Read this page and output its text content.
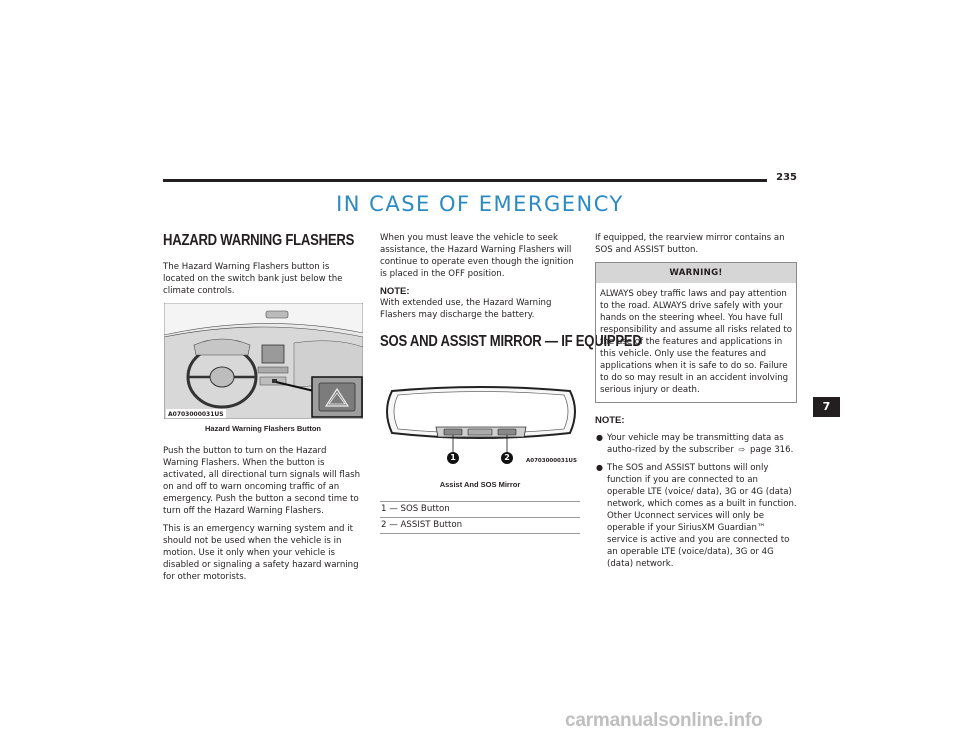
235
IN CASE OF EMERGENCY
HAZARD WARNING FLASHERS

The Hazard Warning Flashers button is located on the switch bank just below the climate controls.

A0703000031US
Hazard Warning Flashers Button

Push the button to turn on the Hazard Warning Flashers. When the button is activated, all directional turn signals will flash on and off to warn oncoming traffic of an emergency. Push the button a second time to turn off the Hazard Warning Flashers.

This is an emergency warning system and it should not be used when the vehicle is in motion. Use it only when your vehicle is disabled or signaling a safety hazard warning for other motorists.

When you must leave the vehicle to seek assistance, the Hazard Warning Flashers will continue to operate even though the ignition is placed in the OFF position.

NOTE:

With extended use, the Hazard Warning Flashers may discharge the battery.

SOS AND ASSIST MIRROR — IF EQUIPPED
1	2	A0703000031US
Assist And SOS Mirror
1 — SOS Button
2 — ASSIST Button

If equipped, the rearview mirror contains an SOS and ASSIST button.

WARNING!
ALWAYS obey traffic laws and pay attention to the road. ALWAYS drive safely with your hands on the steering wheel. You have full responsibility and assume all risks related to the use of the features and applications in this vehicle. Only use the features and applications when it is safe to do so. Failure to do so may result in an accident involving serious injury or death.
NOTE:
● Your vehicle may be transmitting data as autho-rized by the subscriber ⇨ page 316.
● The SOS and ASSIST buttons will only function if you are connected to an operable LTE (voice/ data), 3G or 4G (data) network, which comes as a built in function. Other Uconnect services will only be operable if your SiriusXM Guardian™ service is active and you are connected to an operable LTE (voice/data), 3G or 4G (data) network.
7
carmanualsonline.info
